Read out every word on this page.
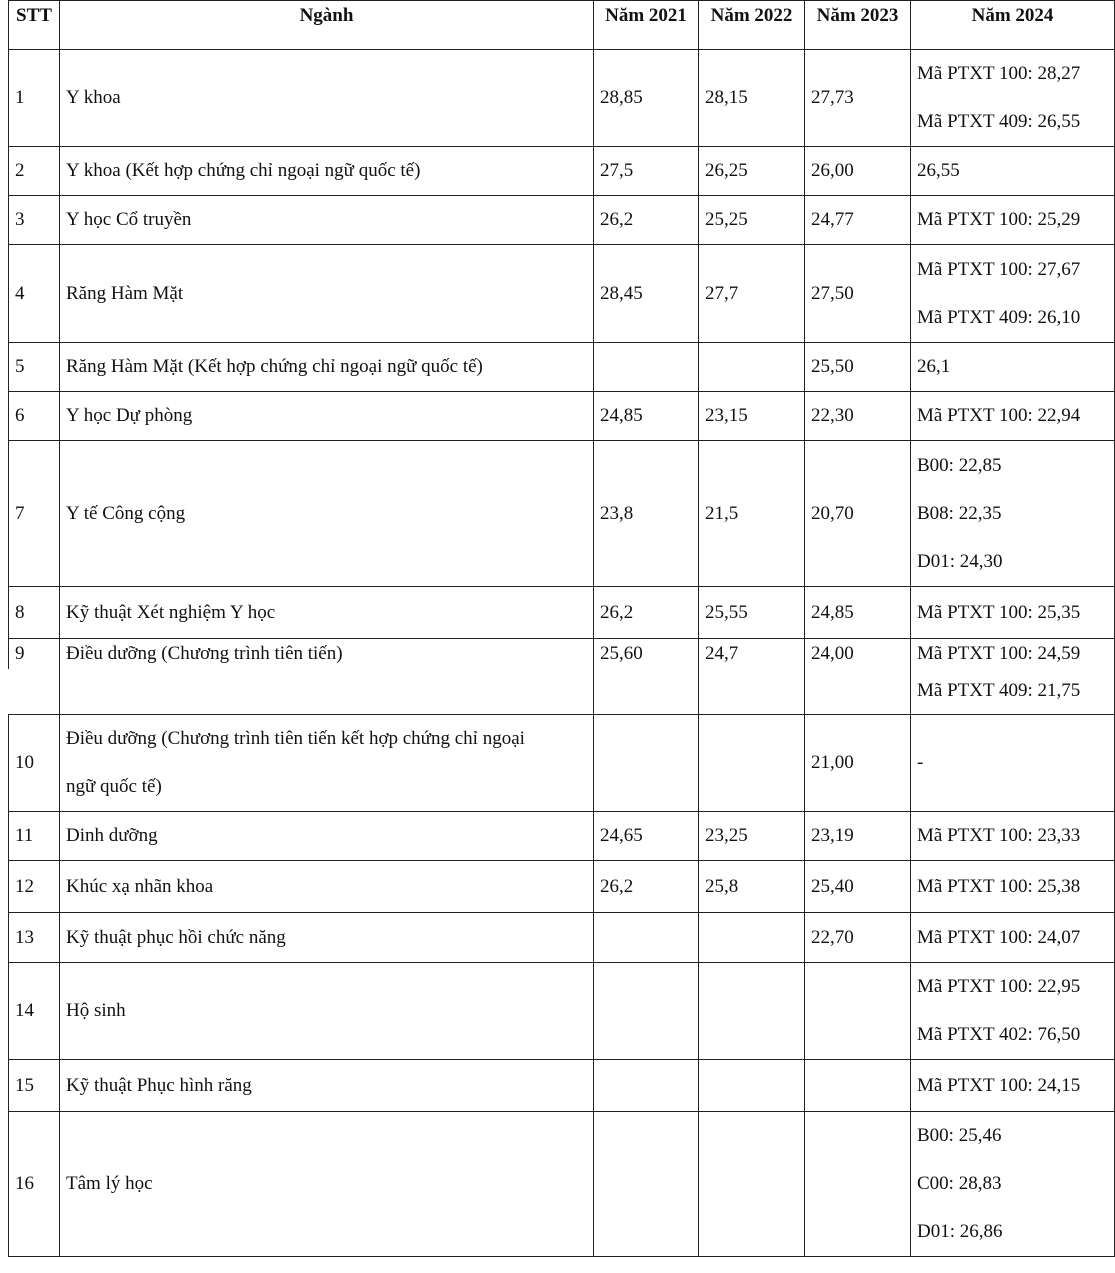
STT	Ngành	Năm 2021	Năm 2022	Năm 2023	Năm 2024
1	Y khoa	28,85	28,15	27,73	Mã PTXT 100: 28,27
Mã PTXT 409: 26,55

2	Y khoa (Kết hợp chứng chỉ ngoại ngữ quốc tế)	27,5	26,25	26,00	26,55

3	Y học Cổ truyền	26,2	25,25	24,77	Mã PTXT 100: 25,29

4	Răng Hàm Mặt	28,45	27,7	27,50	Mã PTXT 100: 27,67
Mã PTXT 409: 26,10

5	Răng Hàm Mặt (Kết hợp chứng chỉ ngoại ngữ quốc tế)			25,50	26,1

6	Y học Dự phòng	24,85	23,15	22,30	Mã PTXT 100: 22,94

7	Y tế Công cộng	23,8	21,5	20,70	B00: 22,85
B08: 22,35
D01: 24,30

8	Kỹ thuật Xét nghiệm Y học	26,2	25,55	24,85	Mã PTXT 100: 25,35

9	Điều dưỡng (Chương trình tiên tiến)	25,60	24,7	24,00	Mã PTXT 100: 24,59

					Mã PTXT 409: 21,75

10	Điều dưỡng (Chương trình tiên tiến kết hợp chứng chỉ ngoại
ngữ quốc tế)			21,00	-

11	Dinh dưỡng	24,65	23,25	23,19	Mã PTXT 100: 23,33

12	Khúc xạ nhãn khoa	26,2	25,8	25,40	Mã PTXT 100: 25,38

13	Kỹ thuật phục hồi chức năng			22,70	Mã PTXT 100: 24,07

14	Hộ sinh				Mã PTXT 100: 22,95
Mã PTXT 402: 76,50

15	Kỹ thuật Phục hình răng				Mã PTXT 100: 24,15

16	Tâm lý học				B00: 25,46
C00: 28,83
D01: 26,86
